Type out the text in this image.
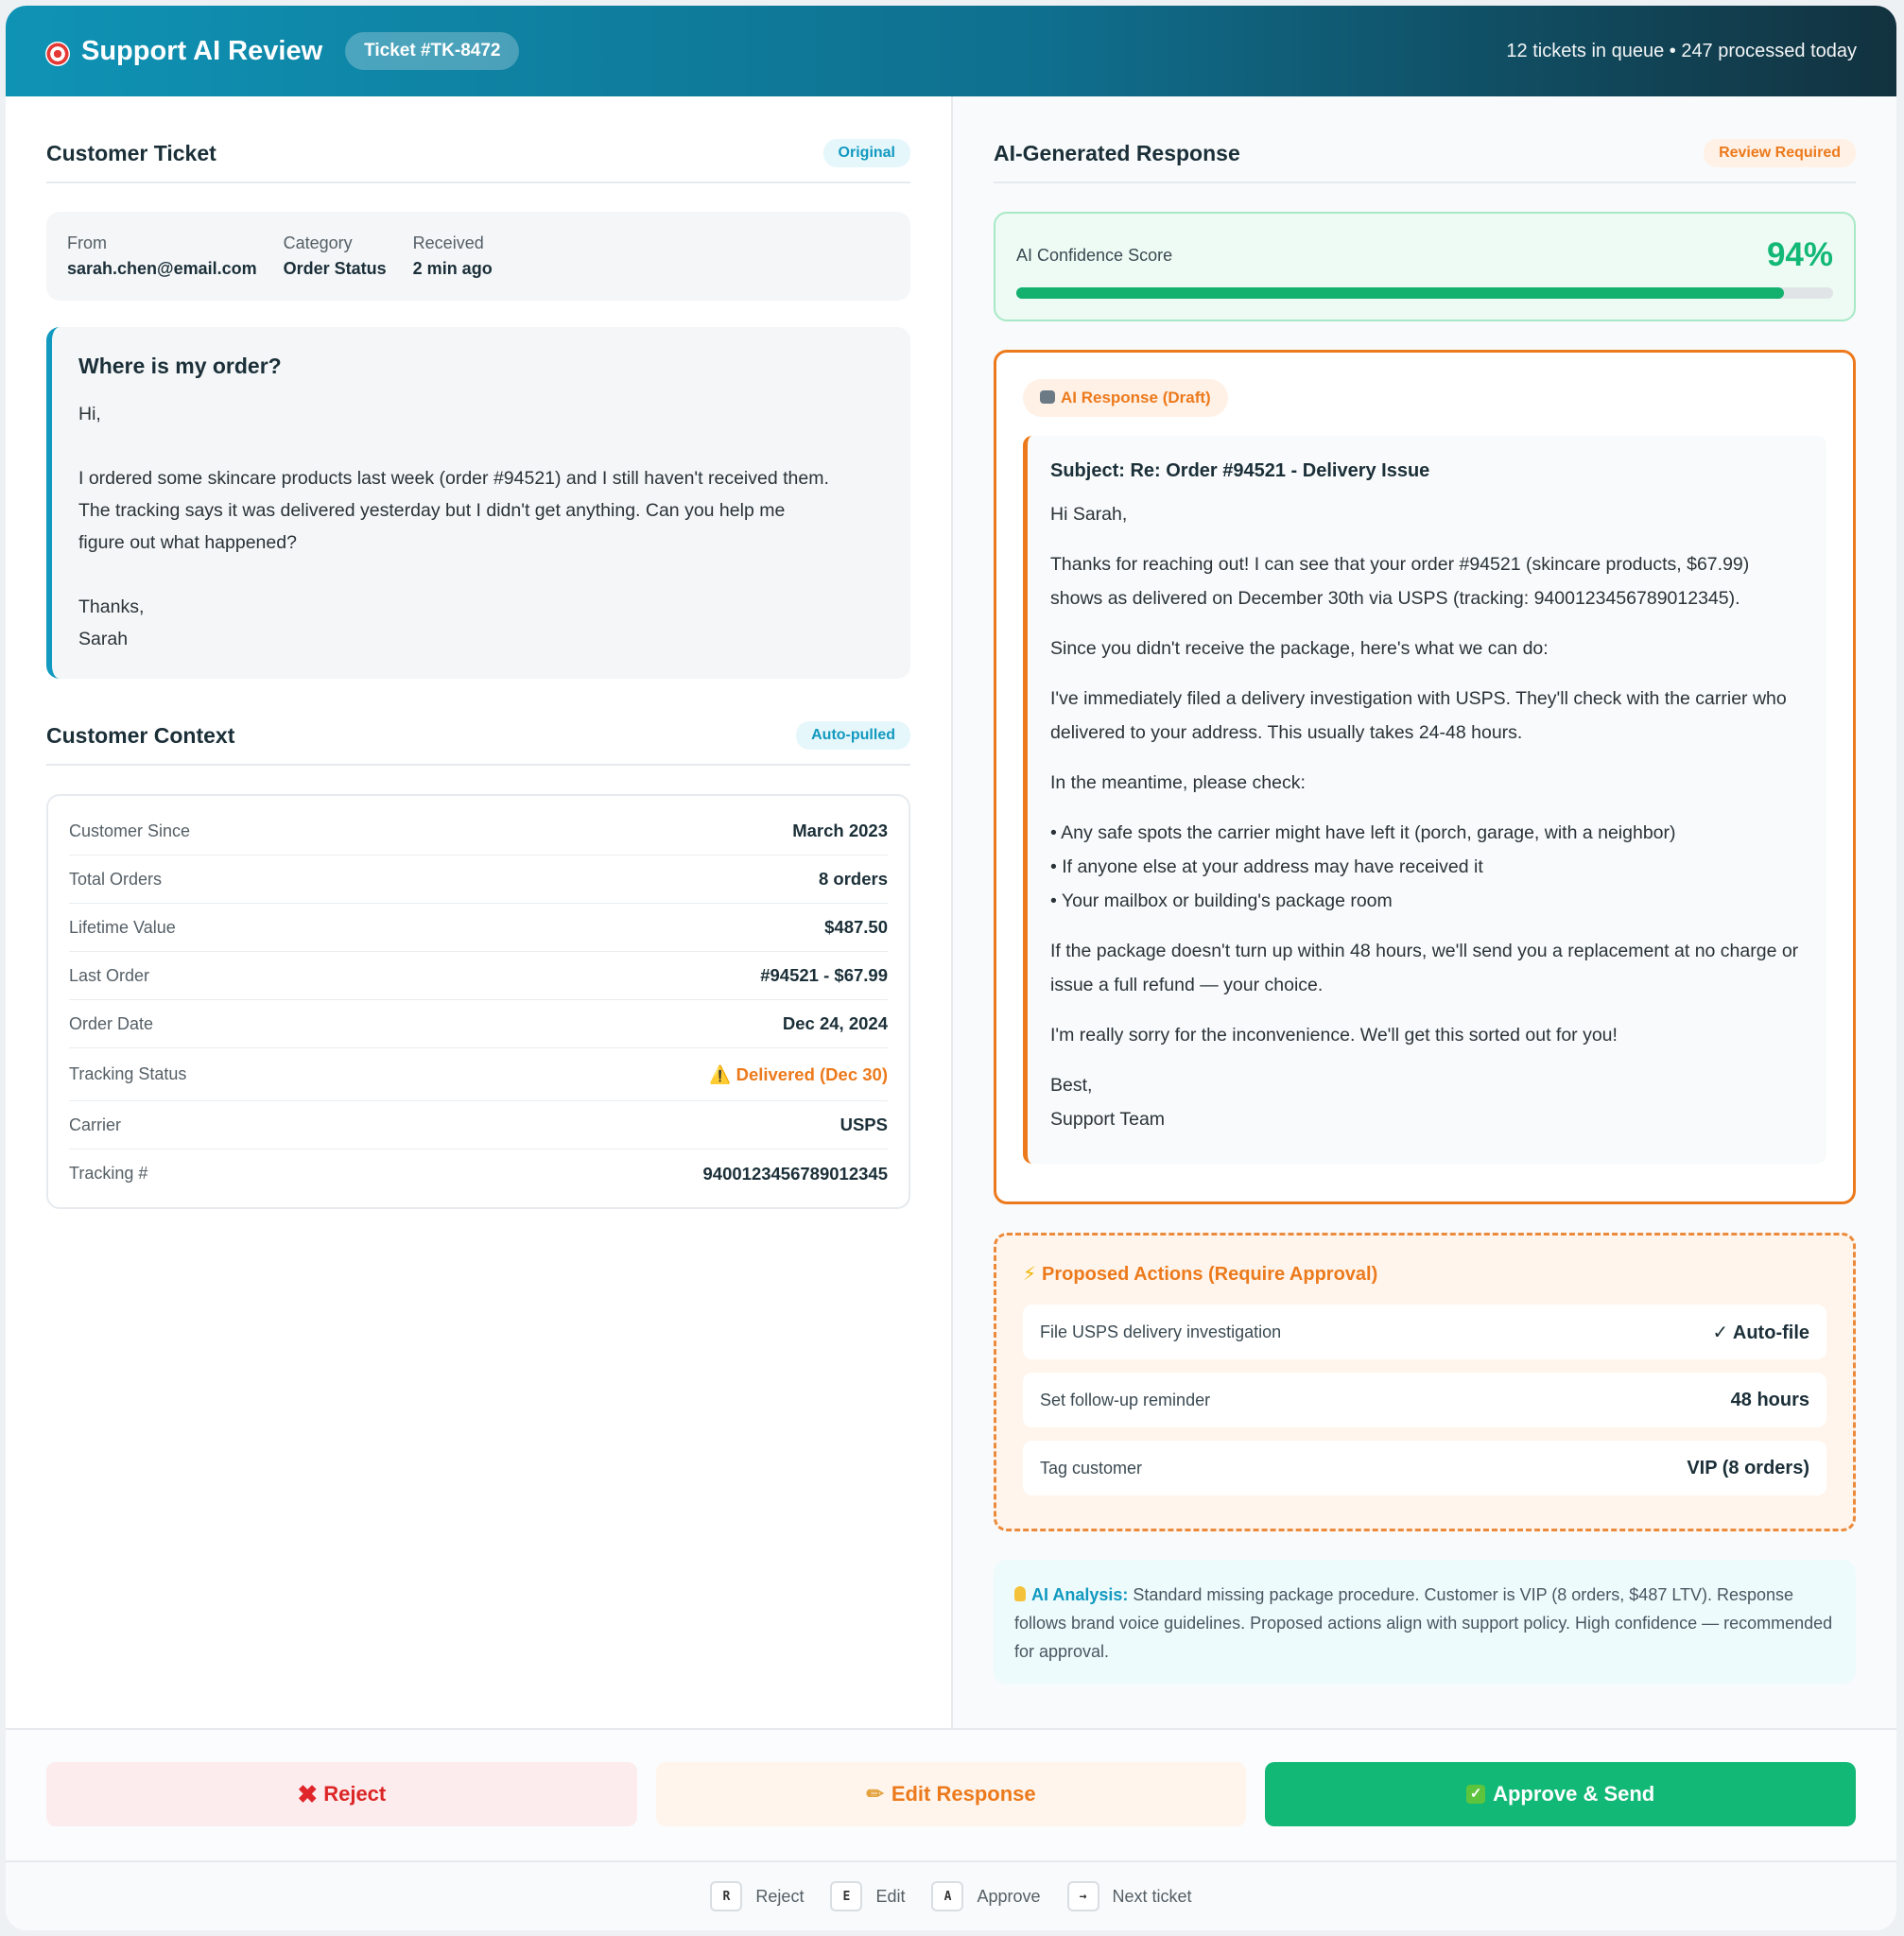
Support AI Review	Ticket #TK-8472	12 tickets in queue • 247 processed today
Customer Ticket	Original
From
sarah.chen@email.com
Category
Order Status
Received
2 min ago
Where is my order?
Hi,
I ordered some skincare products last week (order #94521) and I still haven't received them.
The tracking says it was delivered yesterday but I didn't get anything. Can you help me
figure out what happened?
Thanks,
Sarah
Customer Context	Auto-pulled
Customer Since	March 2023
Total Orders	8 orders
Lifetime Value	$487.50
Last Order	#94521 - $67.99
Order Date	Dec 24, 2024
Tracking Status	⚠️ Delivered (Dec 30)
Carrier	USPS
Tracking #	9400123456789012345
AI-Generated Response	Review Required
AI Confidence Score	94%
AI Response (Draft)
Subject: Re: Order #94521 - Delivery Issue
Hi Sarah,
Thanks for reaching out! I can see that your order #94521 (skincare products, $67.99) shows as delivered on December 30th via USPS (tracking: 9400123456789012345).
Since you didn't receive the package, here's what we can do:
I've immediately filed a delivery investigation with USPS. They'll check with the carrier who delivered to your address. This usually takes 24-48 hours.
In the meantime, please check:
• Any safe spots the carrier might have left it (porch, garage, with a neighbor)
• If anyone else at your address may have received it
• Your mailbox or building's package room
If the package doesn't turn up within 48 hours, we'll send you a replacement at no charge or issue a full refund — your choice.
I'm really sorry for the inconvenience. We'll get this sorted out for you!
Best,
Support Team
⚡ Proposed Actions (Require Approval)
File USPS delivery investigation	✓ Auto-file
Set follow-up reminder	48 hours
Tag customer	VIP (8 orders)
AI Analysis: Standard missing package procedure. Customer is VIP (8 orders, $487 LTV). Response follows brand voice guidelines. Proposed actions align with support policy. High confidence — recommended for approval.
✖ Reject	✏ Edit Response	✓ Approve & Send
R	Reject	E	Edit	A	Approve	→	Next ticket
